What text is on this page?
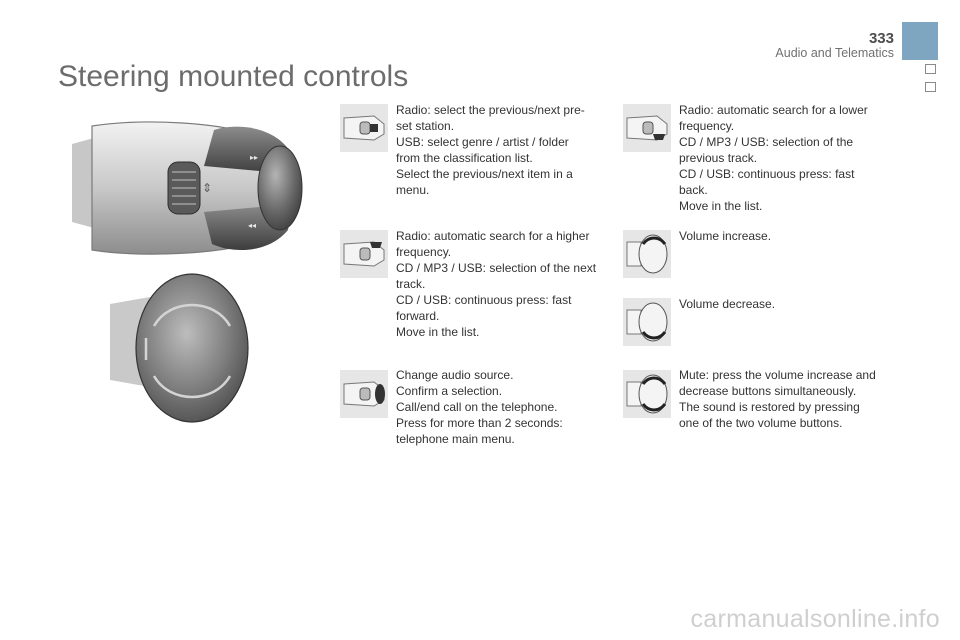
333
Audio and Telematics
Steering mounted controls
▸▸
◂◂
⇕
Radio: select the previous/next pre-
set station.
USB: select genre / artist / folder
from the classification list.
Select the previous/next item in a
menu.
Radio: automatic search for a lower
frequency.
CD / MP3 / USB: selection of the
previous track.
CD / USB: continuous press: fast
back.
Move in the list.
Radio: automatic search for a higher
frequency.
CD / MP3 / USB: selection of the next
track.
CD / USB: continuous press: fast
forward.
Move in the list.
Volume increase.
Volume decrease.
Change audio source.
Confirm a selection.
Call/end call on the telephone.
Press for more than 2 seconds:
telephone main menu.
Mute: press the volume increase and
decrease buttons simultaneously.
The sound is restored by pressing
one of the two volume buttons.
carmanualsonline.info
